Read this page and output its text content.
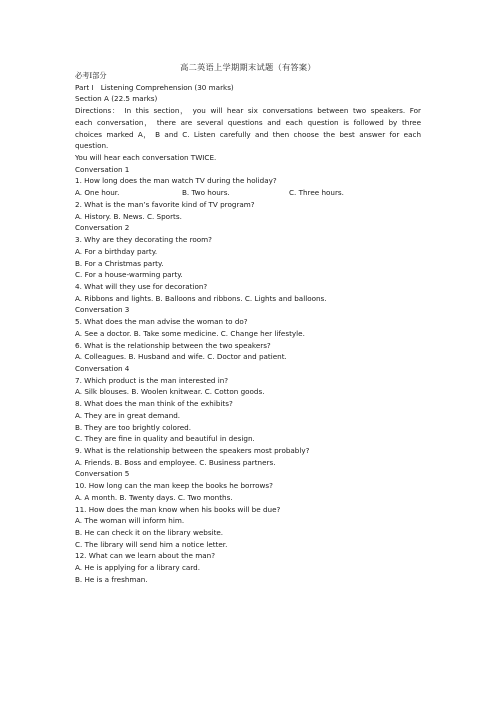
高二英语上学期期末试题（有答案）
必考Ⅰ部分
Part Ⅰ　Listening Comprehension (30 marks)
Section A (22.5 marks)
Directions： In this section， you will hear six conversations between two speakers. For each conversation， there are several questions and each question is followed by three choices marked A， B and C. Listen carefully and then choose the best answer for each question.
You will hear each conversation TWICE.
Conversation 1
1. How long does the man watch TV during the holiday?
A. One hour.	B. Two hours.	C. Three hours.
2. What is the man’s favorite kind of TV program?
A. History. B. News. C. Sports.
Conversation 2
3. Why are they decorating the room?
A. For a birthday party.
B. For a Christmas party.
C. For a house-warming party.
4. What will they use for decoration?
A. Ribbons and lights. B. Balloons and ribbons. C. Lights and balloons.
Conversation 3
5. What does the man advise the woman to do?
A. See a doctor. B. Take some medicine. C. Change her lifestyle.
6. What is the relationship between the two speakers?
A. Colleagues. B. Husband and wife. C. Doctor and patient.
Conversation 4
7. Which product is the man interested in?
A. Silk blouses. B. Woolen knitwear. C. Cotton goods.
8. What does the man think of the exhibits?
A. They are in great demand.
B. They are too brightly colored.
C. They are fine in quality and beautiful in design.
9. What is the relationship between the speakers most probably?
A. Friends. B. Boss and employee. C. Business partners.
Conversation 5
10. How long can the man keep the books he borrows?
A. A month. B. Twenty days. C. Two months.
11. How does the man know when his books will be due?
A. The woman will inform him.
B. He can check it on the library website.
C. The library will send him a notice letter.
12. What can we learn about the man?
A. He is applying for a library card.
B. He is a freshman.
